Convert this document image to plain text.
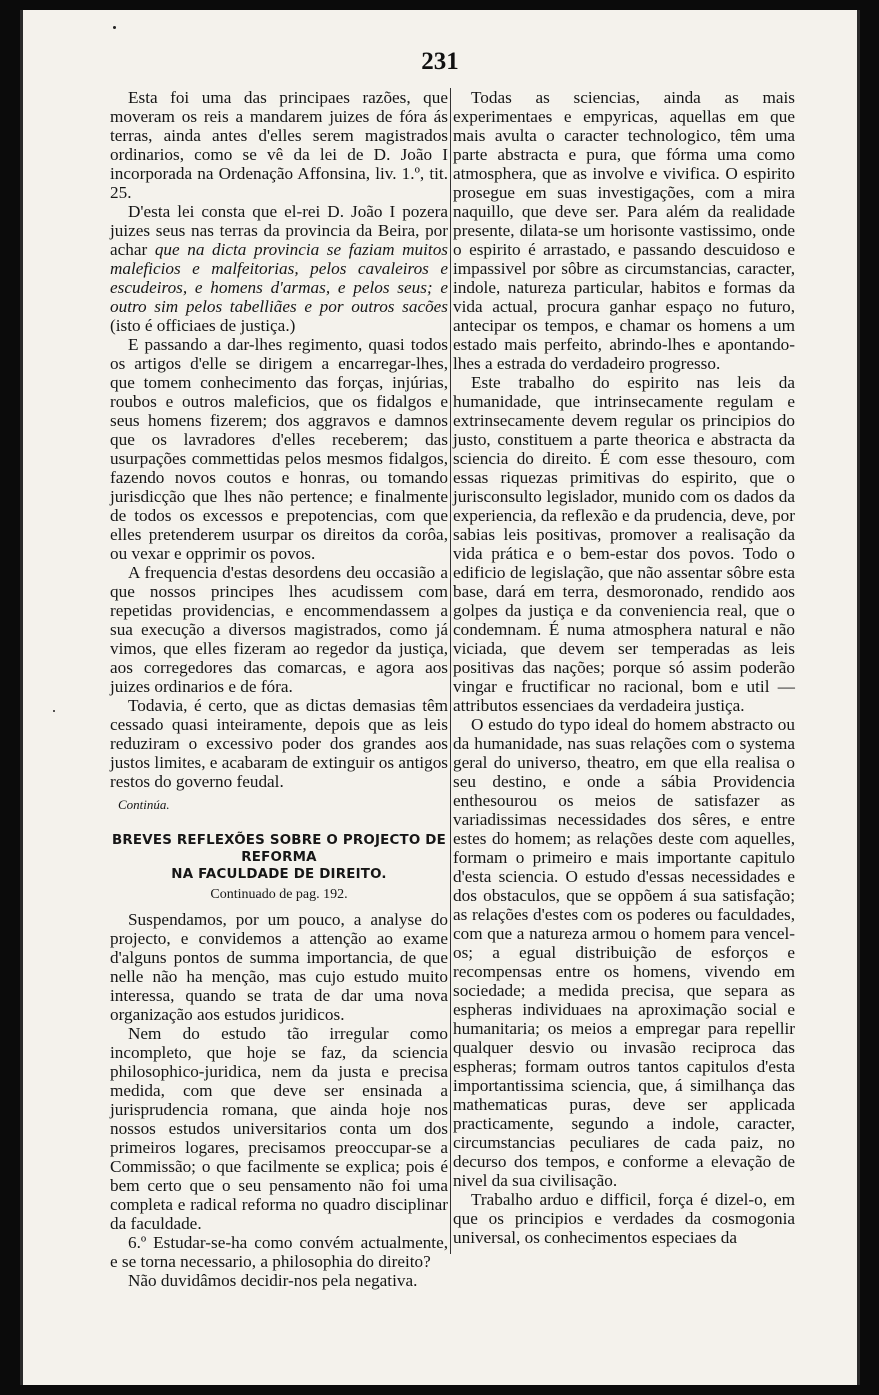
231

Esta foi uma das principaes razões, que moveram os reis a mandarem juizes de fóra ás terras, ainda antes d'elles serem magistrados ordinarios, como se vê da lei de D. João I incorporada na Ordenação Affonsina, liv. 1.º, tit. 25.

D'esta lei consta que el-rei D. João I pozera juizes seus nas terras da provincia da Beira, por achar que na dicta provincia se faziam muitos maleficios e malfeitorias, pelos cavaleiros e escudeiros, e homens d'armas, e pelos seus; e outro sim pelos tabelliães e por outros sacões (isto é officiaes de justiça.)

E passando a dar-lhes regimento, quasi todos os artigos d'elle se dirigem a encarregar-lhes, que tomem conhecimento das forças, injúrias, roubos e outros maleficios, que os fidalgos e seus homens fizerem; dos aggravos e damnos que os lavradores d'elles receberem; das usurpações commettidas pelos mesmos fidalgos, fazendo novos coutos e honras, ou tomando jurisdicção que lhes não pertence; e finalmente de todos os excessos e prepotencias, com que elles pretenderem usurpar os direitos da corôa, ou vexar e opprimir os povos.

A frequencia d'estas desordens deu occasião a que nossos principes lhes acudissem com repetidas providencias, e encommendassem a sua execução a diversos magistrados, como já vimos, que elles fizeram ao regedor da justiça, aos corregedores das comarcas, e agora aos juizes ordinarios e de fóra.

Todavia, é certo, que as dictas demasias têm cessado quasi inteiramente, depois que as leis reduziram o excessivo poder dos grandes aos justos limites, e acabaram de extinguir os antigos restos do governo feudal.

Continúa.
BREVES REFLEXÕES SOBRE O PROJECTO DE REFORMA
NA FACULDADE DE DIREITO.
Continuado de pag. 192.

Suspendamos, por um pouco, a analyse do projecto, e convidemos a attenção ao exame d'alguns pontos de summa importancia, de que nelle não ha menção, mas cujo estudo muito interessa, quando se trata de dar uma nova organização aos estudos juridicos.

Nem do estudo tão irregular como incompleto, que hoje se faz, da sciencia philosophico-juridica, nem da justa e precisa medida, com que deve ser ensinada a jurisprudencia romana, que ainda hoje nos nossos estudos universitarios conta um dos primeiros logares, precisamos preoccupar-se a Commissão; o que facilmente se explica; pois é bem certo que o seu pensamento não foi uma completa e radical reforma no quadro disciplinar da faculdade.

6.º Estudar-se-ha como convém actualmente, e se torna necessario, a philosophia do direito?

Não duvidâmos decidir-nos pela negativa.

Todas as sciencias, ainda as mais experimentaes e empyricas, aquellas em que mais avulta o caracter technologico, têm uma parte abstracta e pura, que fórma uma como atmosphera, que as involve e vivifica. O espirito prosegue em suas investigações, com a mira naquillo, que deve ser. Para além da realidade presente, dilata-se um horisonte vastissimo, onde o espirito é arrastado, e passando descuidoso e impassivel por sôbre as circumstancias, caracter, indole, natureza particular, habitos e formas da vida actual, procura ganhar espaço no futuro, antecipar os tempos, e chamar os homens a um estado mais perfeito, abrindo-lhes e apontando-lhes a estrada do verdadeiro progresso.

Este trabalho do espirito nas leis da humanidade, que intrinsecamente regulam e extrinsecamente devem regular os principios do justo, constituem a parte theorica e abstracta da sciencia do direito. É com esse thesouro, com essas riquezas primitivas do espirito, que o jurisconsulto legislador, munido com os dados da experiencia, da reflexão e da prudencia, deve, por sabias leis positivas, promover a realisação da vida prática e o bem-estar dos povos. Todo o edificio de legislação, que não assentar sôbre esta base, dará em terra, desmoronado, rendido aos golpes da justiça e da conveniencia real, que o condemnam. É numa atmosphera natural e não viciada, que devem ser temperadas as leis positivas das nações; porque só assim poderão vingar e fructificar no racional, bom e util — attributos essenciaes da verdadeira justiça.

O estudo do typo ideal do homem abstracto ou da humanidade, nas suas relações com o systema geral do universo, theatro, em que ella realisa o seu destino, e onde a sábia Providencia enthesourou os meios de satisfazer as variadissimas necessidades dos sêres, e entre estes do homem; as relações deste com aquelles, formam o primeiro e mais importante capitulo d'esta sciencia. O estudo d'essas necessidades e dos obstaculos, que se oppõem á sua satisfação; as relações d'estes com os poderes ou faculdades, com que a natureza armou o homem para vencel-os; a egual distribuição de esforços e recompensas entre os homens, vivendo em sociedade; a medida precisa, que separa as espheras individuaes na aproximação social e humanitaria; os meios a empregar para repellir qualquer desvio ou invasão reciproca das espheras; formam outros tantos capitulos d'esta importantissima sciencia, que, á similhança das mathematicas puras, deve ser applicada practicamente, segundo a indole, caracter, circumstancias peculiares de cada paiz, no decurso dos tempos, e conforme a elevação de nivel da sua civilisação.

Trabalho arduo e difficil, força é dizel-o, em que os principios e verdades da cosmogonia universal, os conhecimentos especiaes da
